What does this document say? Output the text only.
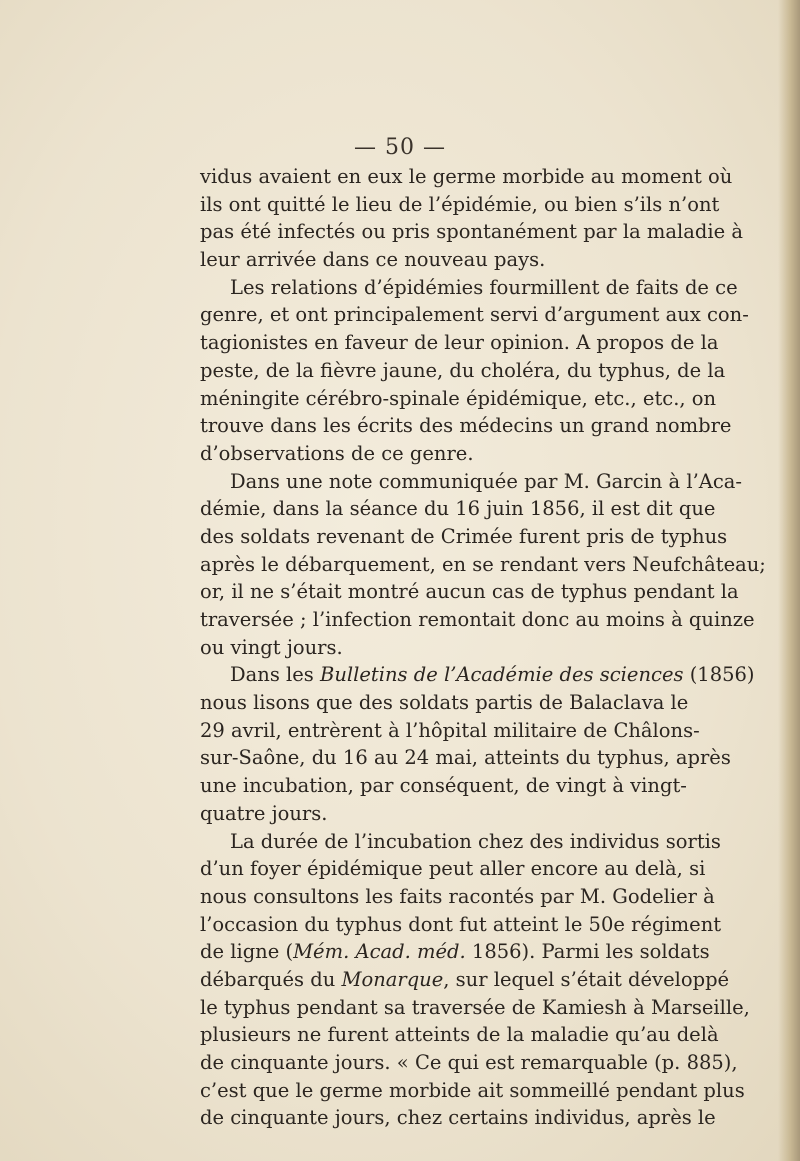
— 50 —
vidus avaient en eux le germe morbide au moment où
ils ont quitté le lieu de l’épidémie, ou bien s’ils n’ont
pas été infectés ou pris spontanément par la maladie à
leur arrivée dans ce nouveau pays.
Les relations d’épidémies fourmillent de faits de ce
genre, et ont principalement servi d’argument aux con-
tagionistes en faveur de leur opinion. A propos de la
peste, de la fièvre jaune, du choléra, du typhus, de la
méningite cérébro-spinale épidémique, etc., etc., on
trouve dans les écrits des médecins un grand nombre
d’observations de ce genre.
Dans une note communiquée par M. Garcin à l’Aca-
démie, dans la séance du 16 juin 1856, il est dit que
des soldats revenant de Crimée furent pris de typhus
après le débarquement, en se rendant vers Neufchâteau;
or, il ne s’était montré aucun cas de typhus pendant la
traversée ; l’infection remontait donc au moins à quinze
ou vingt jours.
Dans les Bulletins de l’Académie des sciences (1856)
nous lisons que des soldats partis de Balaclava le
29 avril, entrèrent à l’hôpital militaire de Châlons-
sur-Saône, du 16 au 24 mai, atteints du typhus, après
une incubation, par conséquent, de vingt à vingt-
quatre jours.
La durée de l’incubation chez des individus sortis
d’un foyer épidémique peut aller encore au delà, si
nous consultons les faits racontés par M. Godelier à
l’occasion du typhus dont fut atteint le 50e régiment
de ligne (Mém. Acad. méd. 1856). Parmi les soldats
débarqués du Monarque, sur lequel s’était développé
le typhus pendant sa traversée de Kamiesh à Marseille,
plusieurs ne furent atteints de la maladie qu’au delà
de cinquante jours. « Ce qui est remarquable (p. 885),
c’est que le germe morbide ait sommeillé pendant plus
de cinquante jours, chez certains individus, après le
